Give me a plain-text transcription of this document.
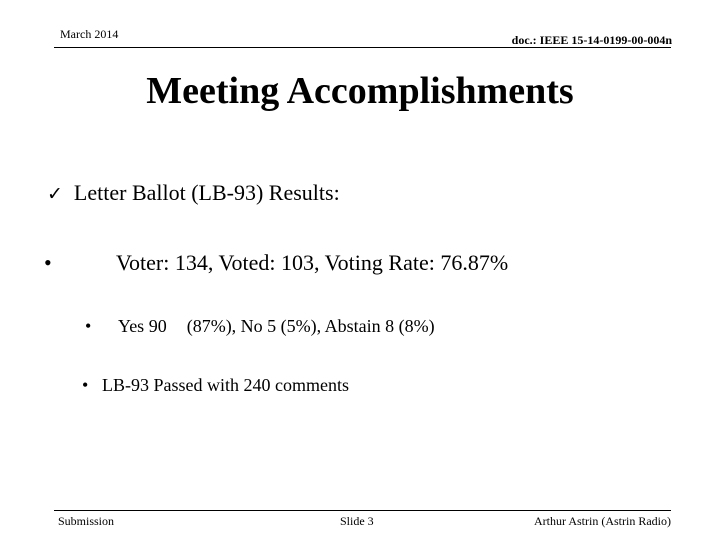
March 2014	doc.: IEEE 15-14-0199-00-004n
Meeting Accomplishments
✓ Letter Ballot (LB-93) Results:
•	Voter: 134, Voted: 103, Voting Rate: 76.87%
• Yes 90 (87%), No 5 (5%), Abstain 8 (8%)
• LB-93 Passed with 240 comments
Submission	Slide 3	Arthur Astrin (Astrin Radio)
